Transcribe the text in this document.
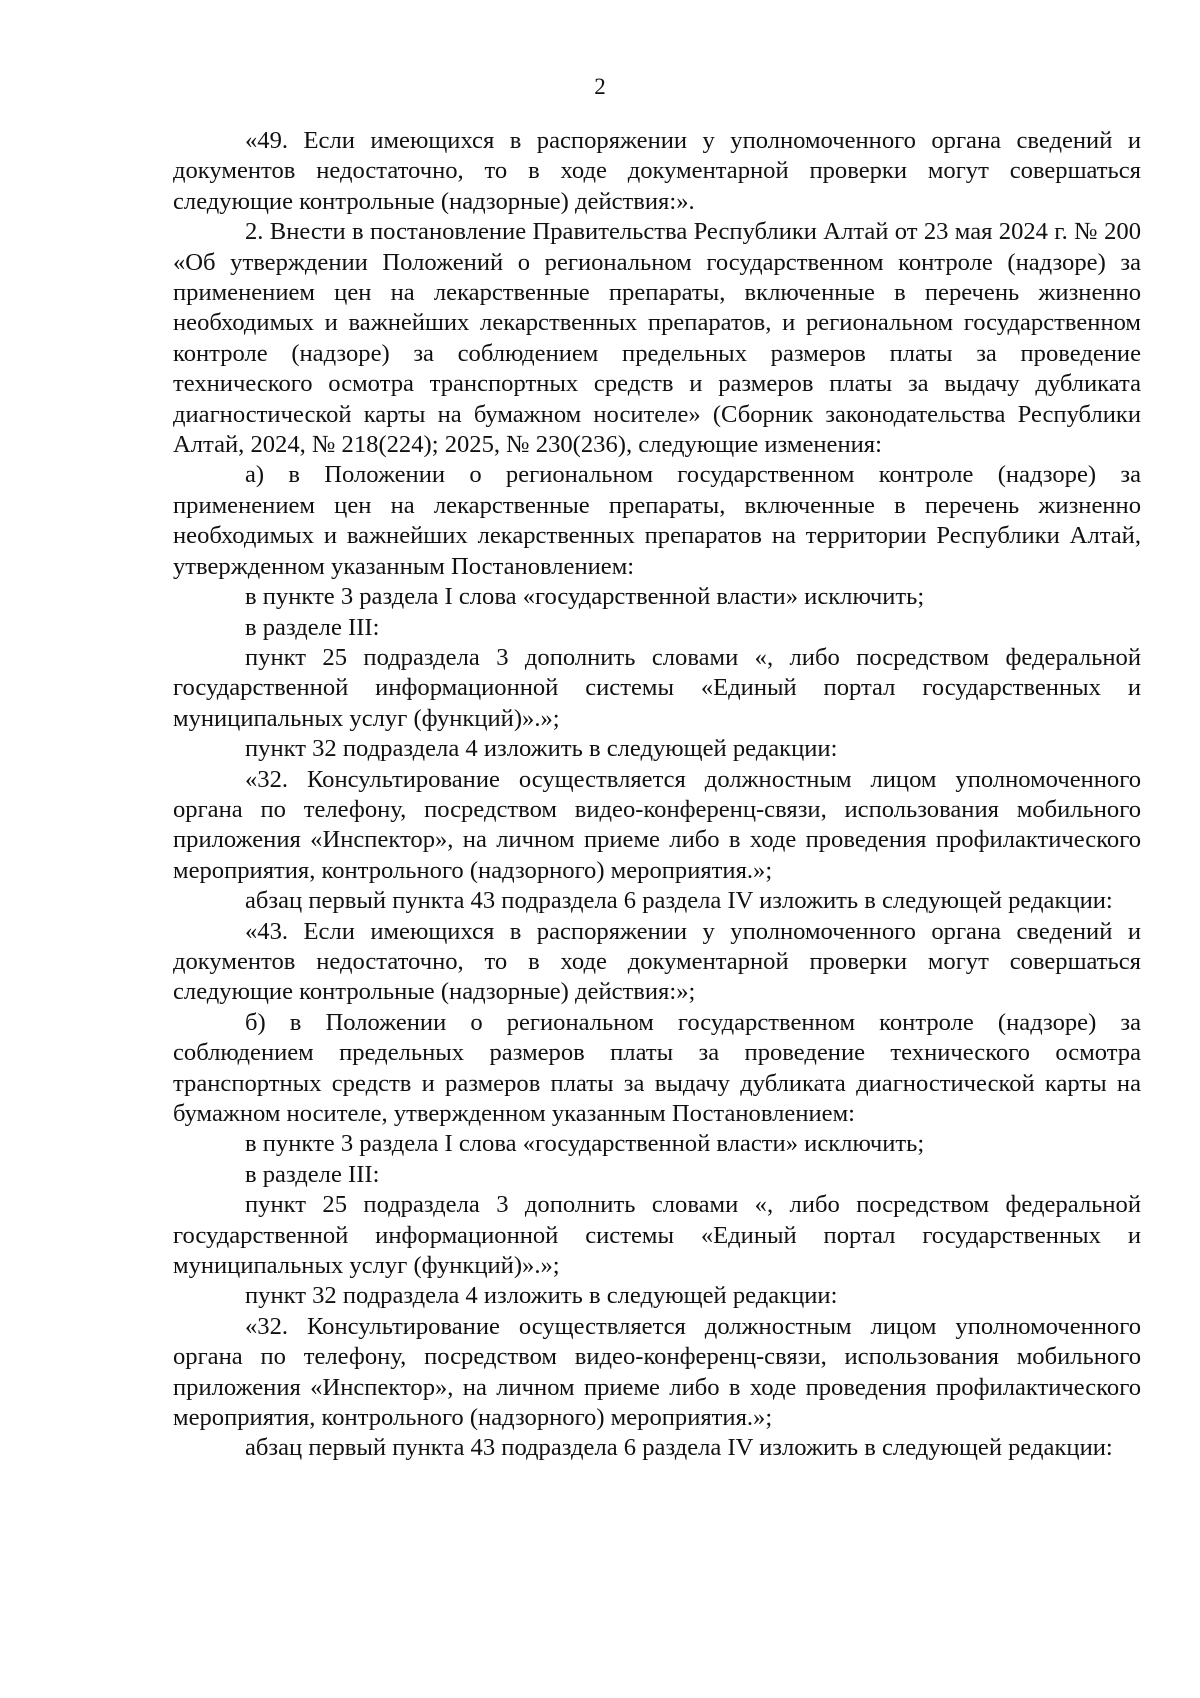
2

«49. Если имеющихся в распоряжении у уполномоченного органа сведений и документов недостаточно, то в ходе документарной проверки могут совершаться следующие контрольные (надзорные) действия:».

2. Внести в постановление Правительства Республики Алтай от 23 мая 2024 г. № 200 «Об утверждении Положений о региональном государственном контроле (надзоре) за применением цен на лекарственные препараты, включенные в перечень жизненно необходимых и важнейших лекарственных препаратов, и региональном государственном контроле (надзоре) за соблюдением предельных размеров платы за проведение технического осмотра транспортных средств и размеров платы за выдачу дубликата диагностической карты на бумажном носителе» (Сборник законодательства Республики Алтай, 2024, № 218(224); 2025, № 230(236), следующие изменения:

а) в Положении о региональном государственном контроле (надзоре) за применением цен на лекарственные препараты, включенные в перечень жизненно необходимых и важнейших лекарственных препаратов на территории Республики Алтай, утвержденном указанным Постановлением:

в пункте 3 раздела I слова «государственной власти» исключить;

в разделе III:

пункт 25 подраздела 3 дополнить словами «, либо посредством федеральной государственной информационной системы «Единый портал государственных и муниципальных услуг (функций)».»;

пункт 32 подраздела 4 изложить в следующей редакции:

«32. Консультирование осуществляется должностным лицом уполномоченного органа по телефону, посредством видео-конференц-связи, использования мобильного приложения «Инспектор», на личном приеме либо в ходе проведения профилактического мероприятия, контрольного (надзорного) мероприятия.»;

абзац первый пункта 43 подраздела 6 раздела IV изложить в следующей редакции:

«43. Если имеющихся в распоряжении у уполномоченного органа сведений и документов недостаточно, то в ходе документарной проверки могут совершаться следующие контрольные (надзорные) действия:»;

б) в Положении о региональном государственном контроле (надзоре) за соблюдением предельных размеров платы за проведение технического осмотра транспортных средств и размеров платы за выдачу дубликата диагностической карты на бумажном носителе, утвержденном указанным Постановлением:

в пункте 3 раздела I слова «государственной власти» исключить;

в разделе III:

пункт 25 подраздела 3 дополнить словами «, либо посредством федеральной государственной информационной системы «Единый портал государственных и муниципальных услуг (функций)».»;

пункт 32 подраздела 4 изложить в следующей редакции:

«32. Консультирование осуществляется должностным лицом уполномоченного органа по телефону, посредством видео-конференц-связи, использования мобильного приложения «Инспектор», на личном приеме либо в ходе проведения профилактического мероприятия, контрольного (надзорного) мероприятия.»;

абзац первый пункта 43 подраздела 6 раздела IV изложить в следующей редакции:
